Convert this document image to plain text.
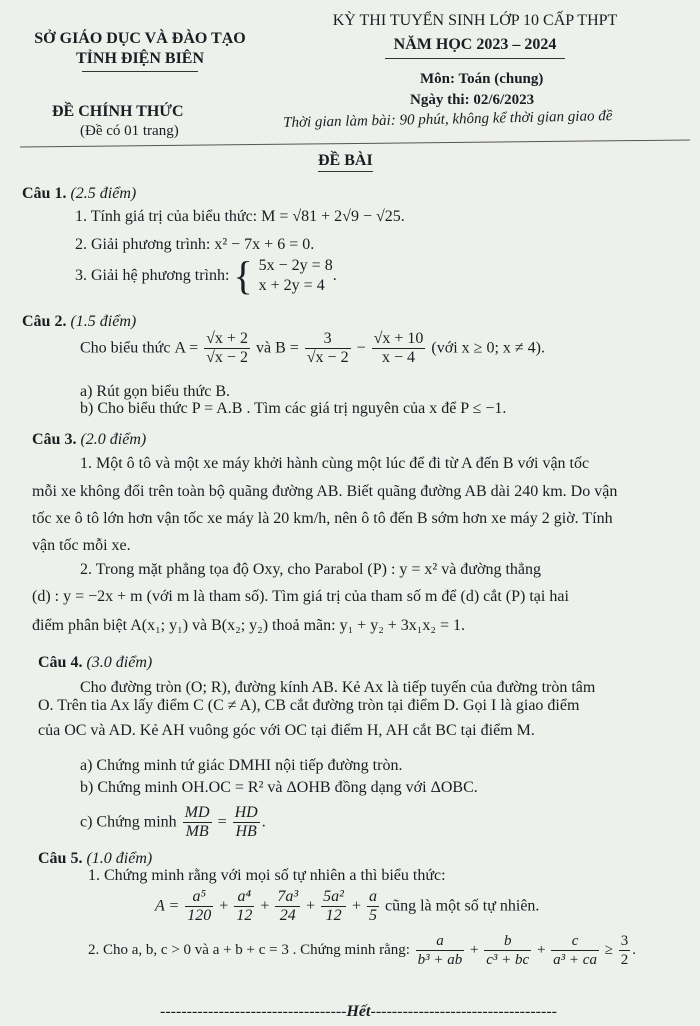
SỞ GIÁO DỤC VÀ ĐÀO TẠO
TỈNH ĐIỆN BIÊN
KỲ THI TUYỂN SINH LỚP 10 CẤP THPT
NĂM HỌC 2023 – 2024
Môn: Toán (chung)
Ngày thi: 02/6/2023
ĐỀ CHÍNH THỨC
(Đề có 01 trang)
Thời gian làm bài: 90 phút, không kể thời gian giao đề
ĐỀ BÀI
Câu 1. (2.5 điểm)
1. Tính giá trị của biểu thức: M = √81 + 2√9 − √25.
2. Giải phương trình: x² − 7x + 6 = 0.
3. Giải hệ phương trình: { 5x − 2y = 8
x + 2y = 4
.
Câu 2. (1.5 điểm)
Cho biểu thức $A = \frac{√x + 2}{√x - 2}$ và $B = \frac{3}{√x - 2} - \frac{√x + 10}{x - 4}$ (với x ≥ 0; x ≠ 4).
a) Rút gọn biểu thức B.
b) Cho biểu thức P = A.B . Tìm các giá trị nguyên của x để P ≤ −1.
Câu 3. (2.0 điểm)
1. Một ô tô và một xe máy khởi hành cùng một lúc để đi từ A đến B với vận tốc
mỗi xe không đổi trên toàn bộ quãng đường AB. Biết quãng đường AB dài 240 km. Do vận
tốc xe ô tô lớn hơn vận tốc xe máy là 20 km/h, nên ô tô đến B sớm hơn xe máy 2 giờ. Tính
vận tốc mỗi xe.
2. Trong mặt phẳng tọa độ Oxy, cho Parabol (P) : y = x² và đường thẳng
(d) : y = −2x + m (với m là tham số). Tìm giá trị của tham số m để (d) cắt (P) tại hai
điểm phân biệt A(x₁; y₁) và B(x₂; y₂) thoả mãn: y₁ + y₂ + 3x₁x₂ = 1.
Câu 4. (3.0 điểm)
Cho đường tròn (O; R), đường kính AB. Kẻ Ax là tiếp tuyến của đường tròn tâm
O. Trên tia Ax lấy điểm C (C ≠ A), CB cắt đường tròn tại điểm D. Gọi I là giao điểm
của OC và AD. Kẻ AH vuông góc với OC tại điểm H, AH cắt BC tại điểm M.
a) Chứng minh tứ giác DMHI nội tiếp đường tròn.
b) Chứng minh OH.OC = R² và ΔOHB đồng dạng với ΔOBC.
c) Chứng minh $\frac{MD}{MB} = \frac{HD}{HB}$ .
Câu 5. (1.0 điểm)
1. Chứng minh rằng với mọi số tự nhiên a thì biểu thức:
$A = \frac{\text{a⁵}}{120} + \frac{\text{a⁴}}{12} + \frac{\text{7a³}}{24} + \frac{\text{5a²}}{12} + \frac{a}{5}$ cũng là một số tự nhiên.
2. Cho a, b, c > 0 và a + b + c = 3 . Chứng minh rằng: $\frac{a}{\text{b³ + ab}} + \frac{b}{\text{c³ + bc}} + \frac{c}{\text{a³ + ca}} \ge \frac{3}{2}$ .
-----------------------------------Hết-----------------------------------
